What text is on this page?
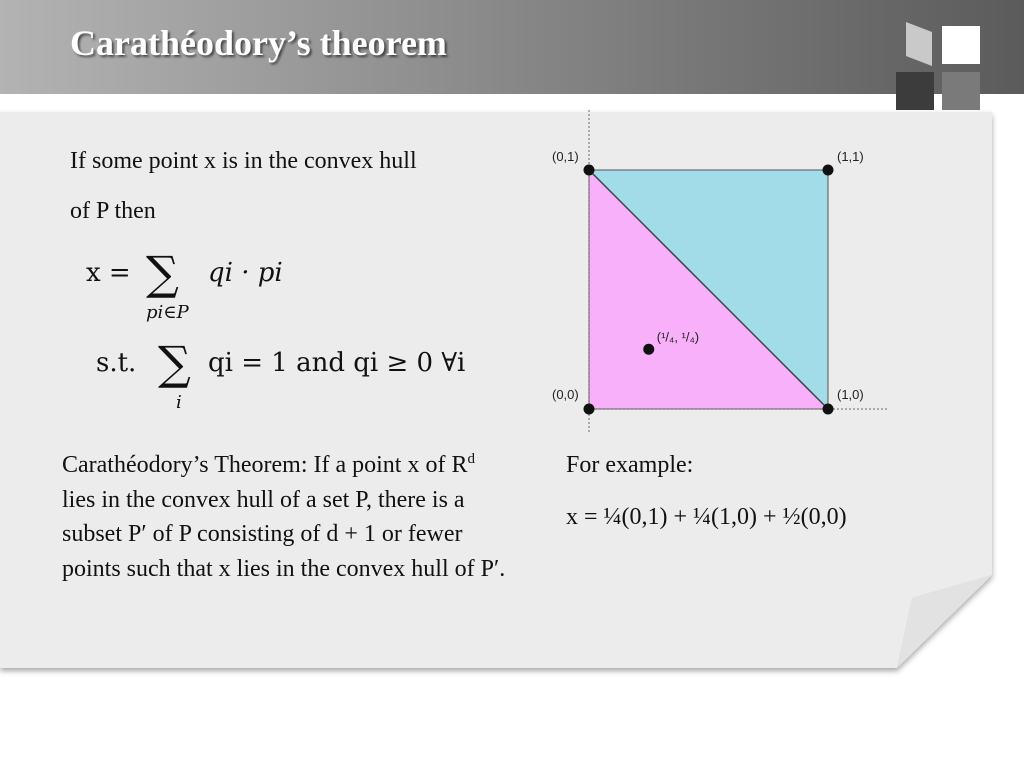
Carathéodory’s theorem

If some point x is in the convex hull
of P then

x = ∑
pi∈P
qi · pi
s.t. ∑
i
qi = 1 and qi ≥ 0 ∀i

Carathéodory’s Theorem: If a point x of $R^d$ lies in the convex hull of a set P, there is a subset P′ of P consisting of d + 1 or fewer points such that x lies in the convex hull of P′.

For example:

x = ¼(0,1) + ¼(1,0) + ½(0,0)

(0,1)	(1,1)
(0,0)	(1,0)
(¹/₄, ¹/₄)
